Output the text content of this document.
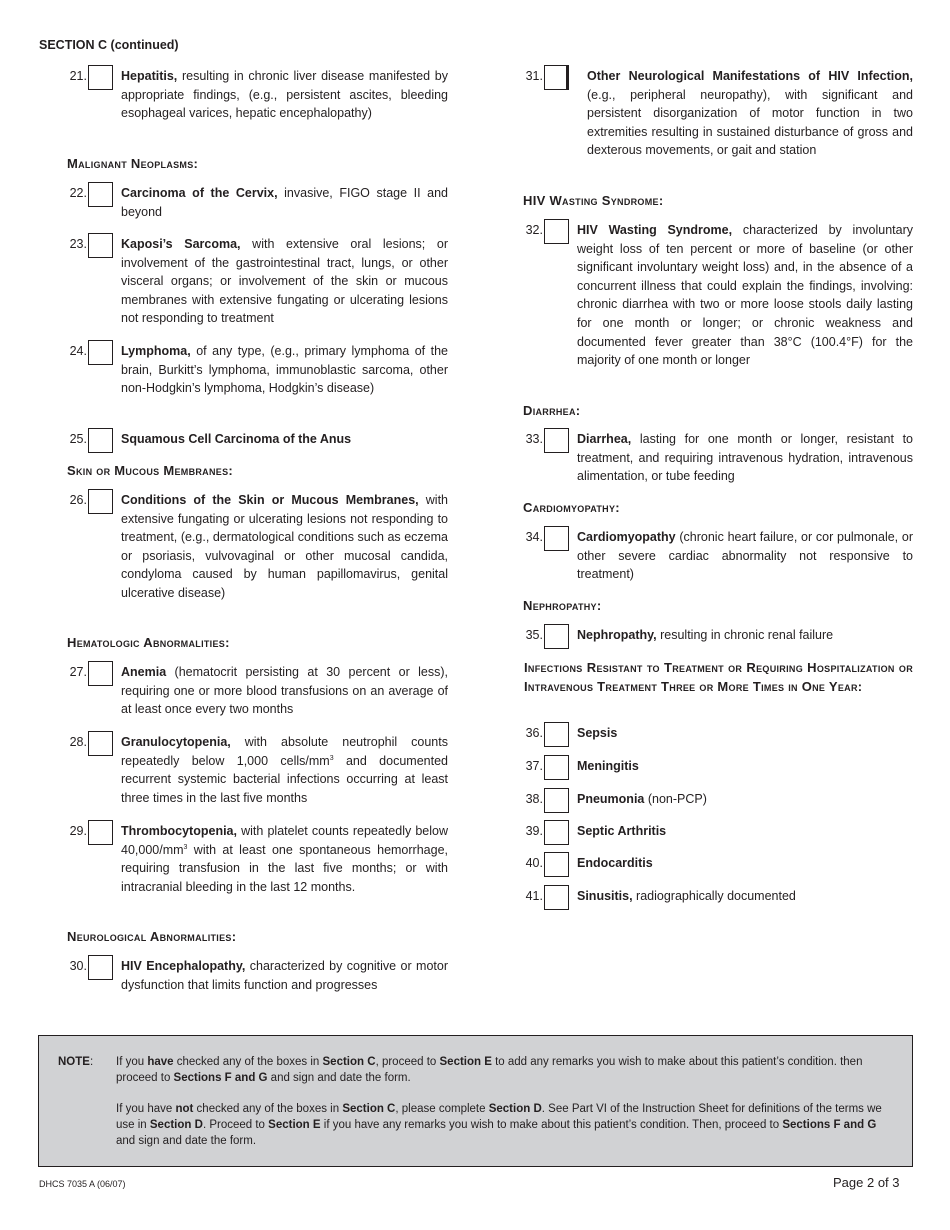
SECTION C (continued)
21.	Hepatitis, resulting in chronic liver disease manifested by appropriate findings, (e.g., persistent ascites, bleeding esophageal varices, hepatic encephalopathy)
Malignant Neoplasms:
22.	Carcinoma of the Cervix, invasive, FIGO stage II and beyond
23.	Kaposi’s Sarcoma, with extensive oral lesions; or involvement of the gastrointestinal tract, lungs, or other visceral organs; or involvement of the skin or mucous membranes with extensive fungating or ulcerating lesions not responding to treatment
24.	Lymphoma, of any type, (e.g., primary lymphoma of the brain, Burkitt’s lymphoma, immunoblastic sarcoma, other non-Hodgkin’s lymphoma, Hodgkin’s disease)
25.	Squamous Cell Carcinoma of the Anus
Skin or Mucous Membranes:
26.	Conditions of the Skin or Mucous Membranes, with extensive fungating or ulcerating lesions not responding to treatment, (e.g., dermatological conditions such as eczema or psoriasis, vulvovaginal or other mucosal candida, condyloma caused by human papillomavirus, genital ulcerative disease)
Hematologic Abnormalities:
27.	Anemia (hematocrit persisting at 30 percent or less), requiring one or more blood transfusions on an average of at least once every two months
28.	Granulocytopenia, with absolute neutrophil counts repeatedly below 1,000 cells/$mm^3$ and documented recurrent systemic bacterial infections occurring at least three times in the last five months
29.	Thrombocytopenia, with platelet counts repeatedly below $40,000/mm^3$ with at least one spontaneous hemorrhage, requiring transfusion in the last five months; or with intracranial bleeding in the last 12 months.
Neurological Abnormalities:
30.	HIV Encephalopathy, characterized by cognitive or motor dysfunction that limits function and progresses
31.	Other Neurological Manifestations of HIV Infection, (e.g., peripheral neuropathy), with significant and persistent disorganization of motor function in two extremities resulting in sustained disturbance of gross and dexterous movements, or gait and station
HIV Wasting Syndrome:
32.	HIV Wasting Syndrome, characterized by involuntary weight loss of ten percent or more of baseline (or other significant involuntary weight loss) and, in the absence of a concurrent illness that could explain the findings, involving: chronic diarrhea with two or more loose stools daily lasting for one month or longer; or chronic weakness and documented fever greater than 38°C (100.4°F) for the majority of one month or longer
Diarrhea:
33.	Diarrhea, lasting for one month or longer, resistant to treatment, and requiring intravenous hydration, intravenous alimentation, or tube feeding
Cardiomyopathy:
34.	Cardiomyopathy (chronic heart failure, or cor pulmonale, or other severe cardiac abnormality not responsive to treatment)
Nephropathy:
35.	Nephropathy, resulting in chronic renal failure
Infections Resistant to Treatment or Requiring Hospitalization or Intravenous Treatment Three or More Times in One Year:
36.	Sepsis
37.	Meningitis
38.	Pneumonia (non-PCP)
39.	Septic Arthritis
40.	Endocarditis
41.	Sinusitis, radiographically documented
NOTE: If you have checked any of the boxes in Section C, proceed to Section E to add any remarks you wish to make about this patient’s condition. then proceed to Sections F and G and sign and date the form.
If you have not checked any of the boxes in Section C, please complete Section D. See Part VI of the Instruction Sheet for definitions of the terms we use in Section D. Proceed to Section E if you have any remarks you wish to make about this patient’s condition. Then, proceed to Sections F and G and sign and date the form.
DHCS 7035 A (06/07)	Page 2 of 3
